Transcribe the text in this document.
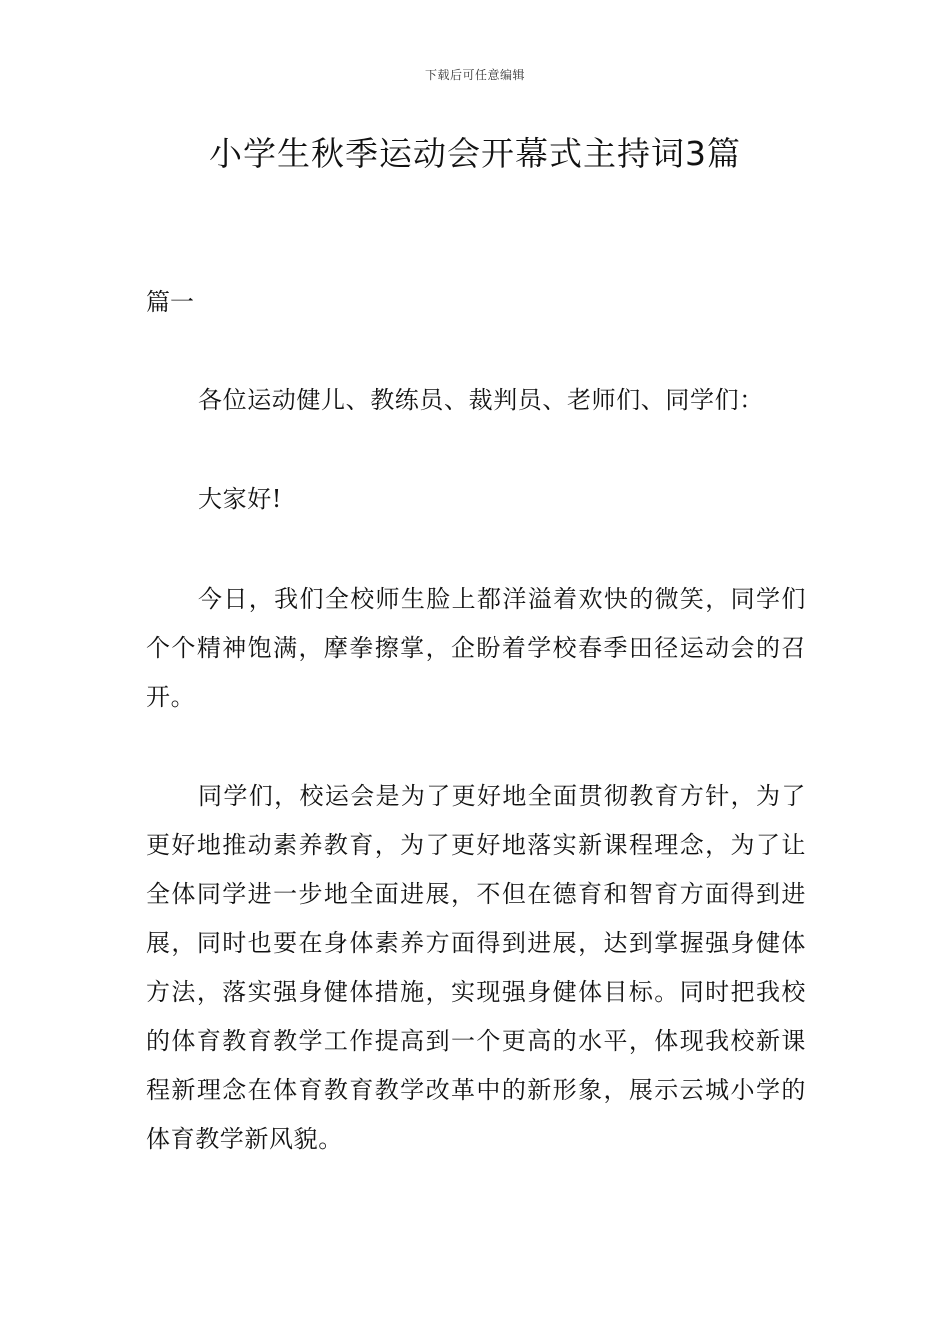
下载后可任意编辑
小学生秋季运动会开幕式主持词3篇
篇一

各位运动健儿、教练员、裁判员、老师们、同学们：

大家好!

今日，我们全校师生脸上都洋溢着欢快的微笑，同学们个个精神饱满，摩拳擦掌，企盼着学校春季田径运动会的召开。

同学们，校运会是为了更好地全面贯彻教育方针，为了更好地推动素养教育，为了更好地落实新课程理念，为了让全体同学进一步地全面进展，不但在德育和智育方面得到进展，同时也要在身体素养方面得到进展，达到掌握强身健体方法，落实强身健体措施，实现强身健体目标。同时把我校的体育教育教学工作提高到一个更高的水平，体现我校新课程新理念在体育教育教学改革中的新形象，展示云城小学的体育教学新风貌。
